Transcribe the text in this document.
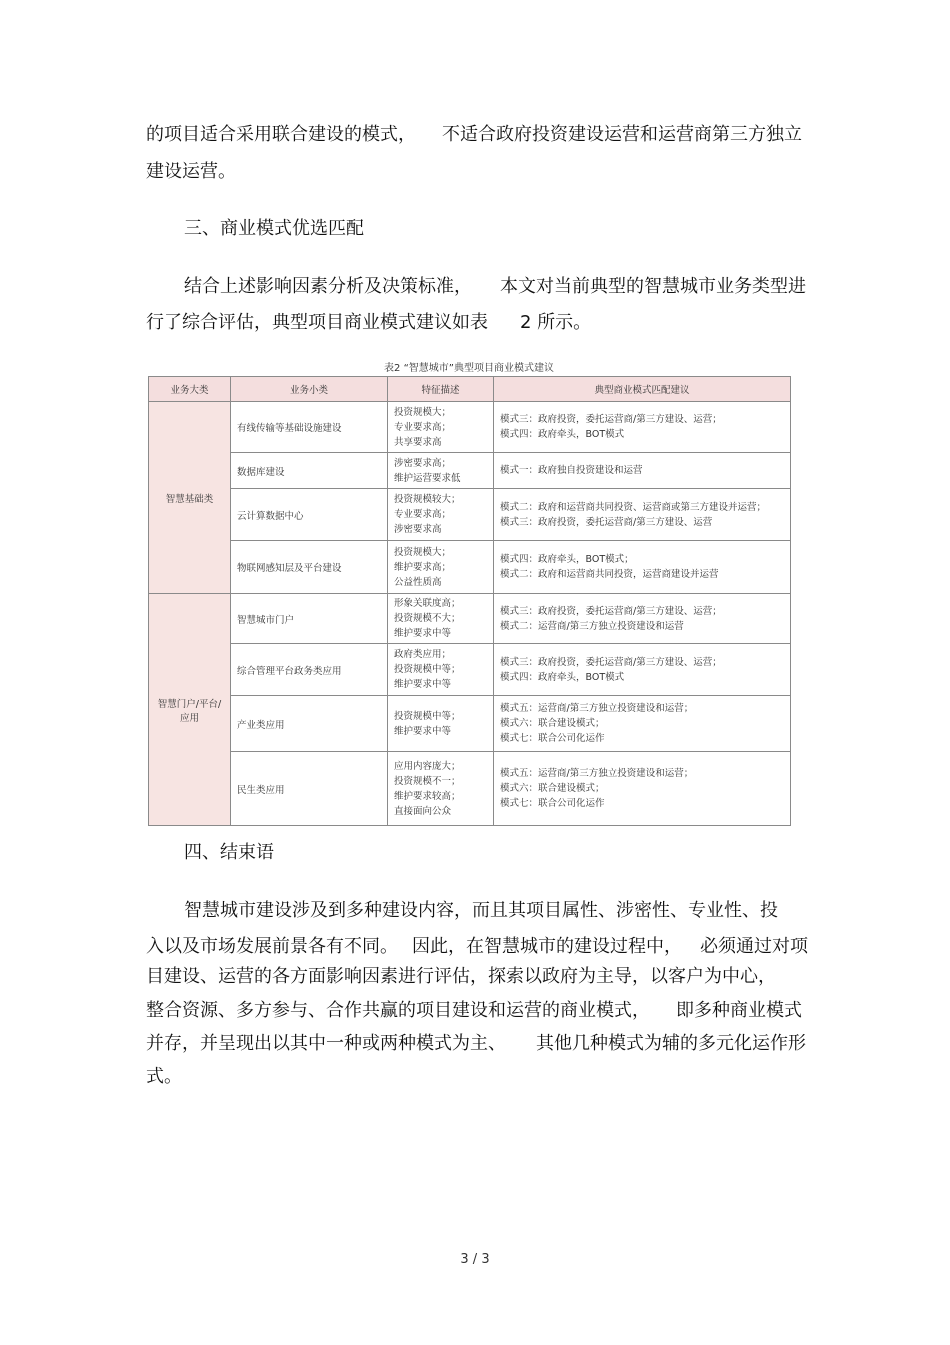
的项目适合采用联合建设的模式， 不适合政府投资建设运营和运营商第三方独立
建设运营。
三、商业模式优选匹配
结合上述影响因素分析及决策标准， 本文对当前典型的智慧城市业务类型进
行了综合评估，典型项目商业模式建议如表 2 所示。
表2 “智慧城市”典型项目商业模式建议
业务大类	业务小类	特征描述	典型商业模式匹配建议
智慧基础类	有线传输等基础设施建设	投资规模大；
专业要求高；
共享要求高	模式三：政府投资，委托运营商/第三方建设、运营；
模式四：政府牵头，BOT模式
	数据库建设	涉密要求高；
维护运营要求低	模式一：政府独自投资建设和运营
	云计算数据中心	投资规模较大；
专业要求高；
涉密要求高	模式二：政府和运营商共同投资、运营商或第三方建设并运营；
模式三：政府投资，委托运营商/第三方建设、运营
	物联网感知层及平台建设	投资规模大；
维护要求高；
公益性质高	模式四：政府牵头，BOT模式；
模式二：政府和运营商共同投资，运营商建设并运营
智慧门户/平台/应用	智慧城市门户	形象关联度高；
投资规模不大；
维护要求中等	模式三：政府投资，委托运营商/第三方建设、运营；
模式二：运营商/第三方独立投资建设和运营
	综合管理平台政务类应用	政府类应用；
投资规模中等；
维护要求中等	模式三：政府投资，委托运营商/第三方建设、运营；
模式四：政府牵头，BOT模式
	产业类应用	投资规模中等；
维护要求中等	模式五：运营商/第三方独立投资建设和运营；
模式六：联合建设模式；
模式七：联合公司化运作
	民生类应用	应用内容庞大；
投资规模不一；
维护要求较高；
直接面向公众	模式五：运营商/第三方独立投资建设和运营；
模式六：联合建设模式；
模式七：联合公司化运作
四、结束语
智慧城市建设涉及到多种建设内容，而且其项目属性、涉密性、专业性、投
入以及市场发展前景各有不同。 因此，在智慧城市的建设过程中， 必须通过对项
目建设、运营的各方面影响因素进行评估，探索以政府为主导，以客户为中心，
整合资源、多方参与、合作共赢的项目建设和运营的商业模式， 即多种商业模式
并存，并呈现出以其中一种或两种模式为主、 其他几种模式为辅的多元化运作形
式。
3 / 3
